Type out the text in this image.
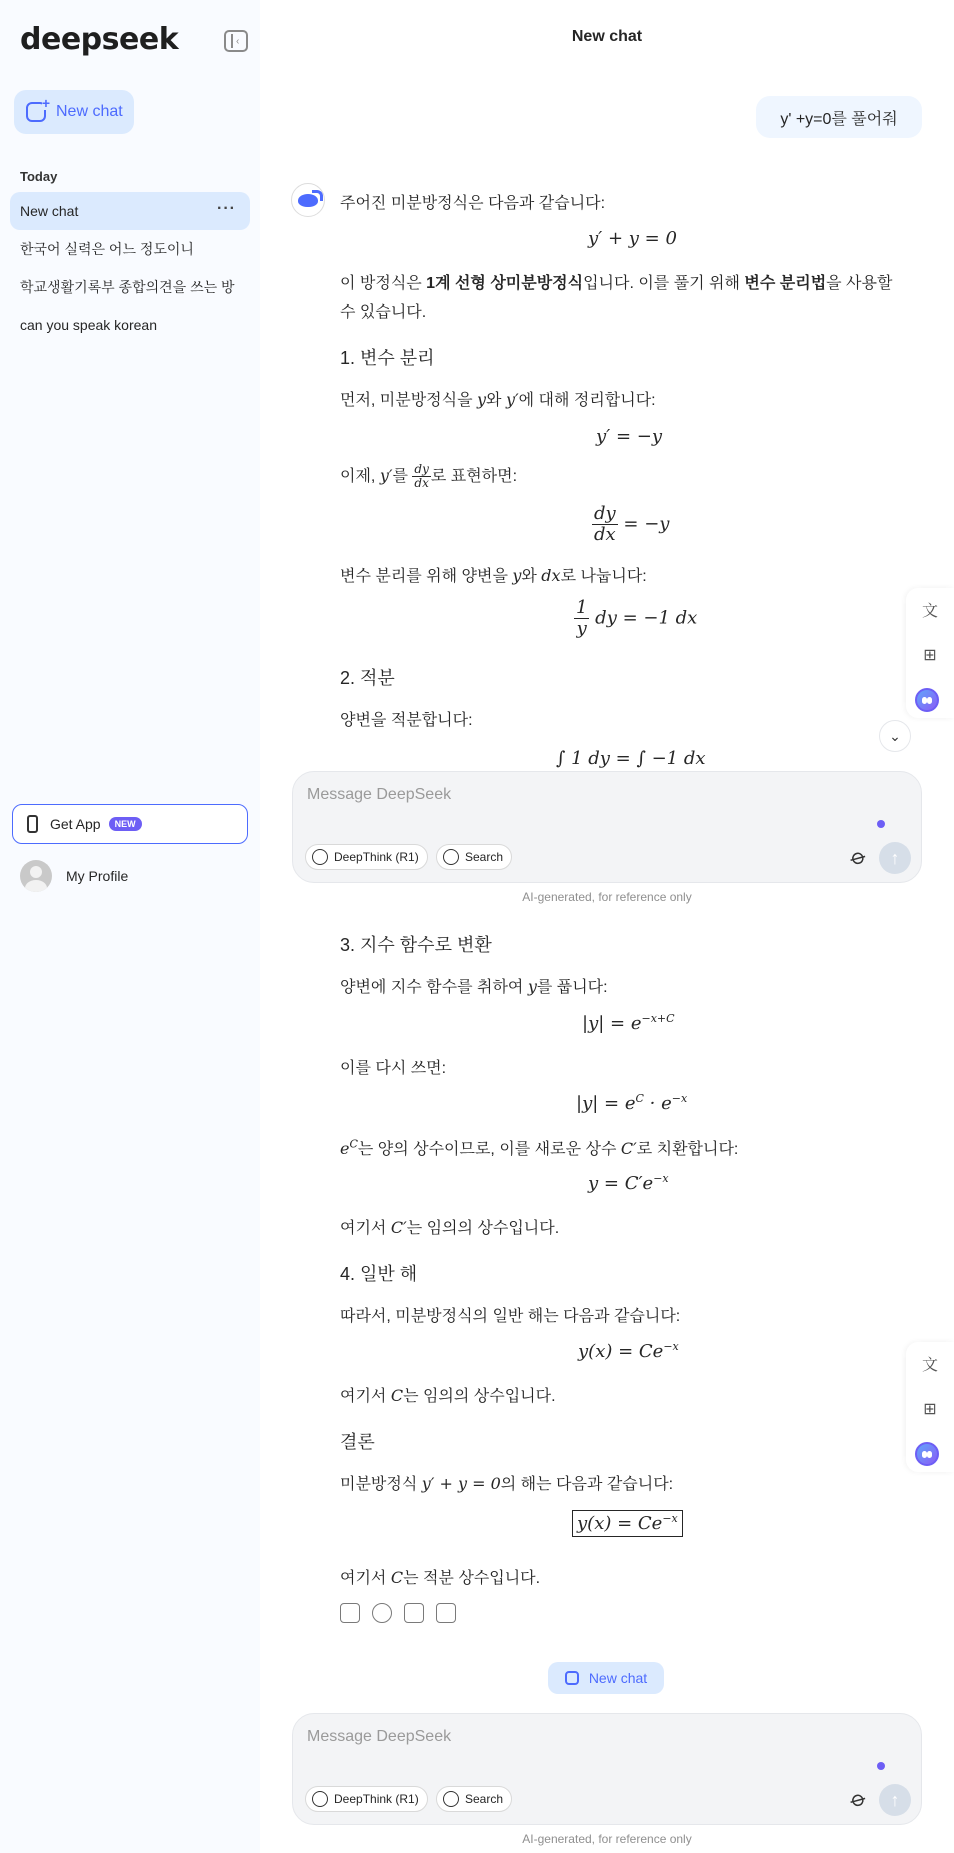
deepseek	‹
+
New chat
Today
New chat	···
한국어 실력은 어느 정도이니
학교생활기록부 종합의견을 쓰는 방
can you speak korean
Get App	NEW
My Profile
New chat
y' +y=0를 풀어줘
주어진 미분방정식은 다음과 같습니다:
y′ + y = 0
이 방정식은 1계 선형 상미분방정식입니다. 이를 풀기 위해 변수 분리법을 사용할
수 있습니다.
1. 변수 분리
먼저, 미분방정식을 y와 y′에 대해 정리합니다:
y′ = −y
이제, y′를 $\frac{dy}{dx}$ 로 표현하면:
$\frac{dy}{dx} = -y$
변수 분리를 위해 양변을 y와 dx로 나눕니다:
$\frac{1}{y}$ dy = −1 dx
2. 적분
양변을 적분합니다:
∫ 1 dy = ∫ −1 dx
Message DeepSeek
DeepThink (R1)	Search	⌀	↑
AI-generated, for reference only
3. 지수 함수로 변환
양변에 지수 함수를 취하여 y를 풉니다:
$|y| = e^{-x+C}$
이를 다시 쓰면:
$|y| = e^C \cdot e^{-x}$
$e^C$는 양의 상수이므로, 이를 새로운 상수 C′로 치환합니다:
$y = C'e^{-x}$
여기서 C′는 임의의 상수입니다.
4. 일반 해
따라서, 미분방정식의 일반 해는 다음과 같습니다:
$y(x) = Ce^{-x}$
여기서 C는 임의의 상수입니다.
결론
미분방정식 y′ + y = 0의 해는 다음과 같습니다:
$y(x) = Ce^{-x}$
여기서 C는 적분 상수입니다.
New chat
Message DeepSeek
DeepThink (R1)	Search	⌀	↑
AI-generated, for reference only
文
⊞
⌄
文
⊞
